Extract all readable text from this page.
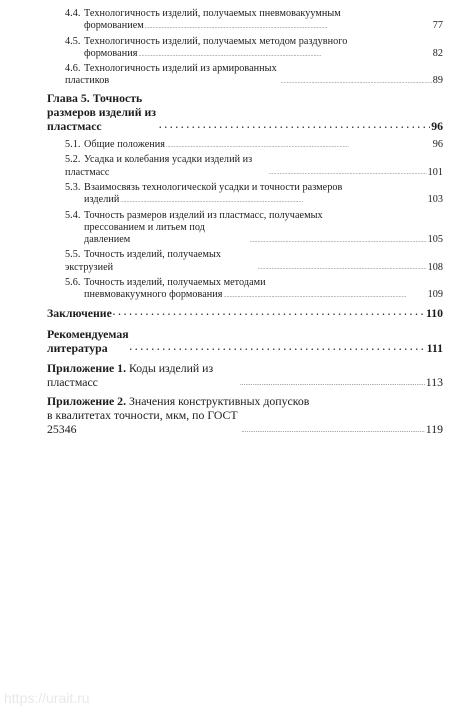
4.4. Технологичность изделий, получаемых пневмовакуумным
формованием . . .	77
4.5. Технологичность изделий, получаемых методом раздувного
формования . . .	82
4.6. Технологичность изделий из армированных пластиков . . .	89
Глава 5. Точность размеров изделий из пластмасс . . .	96
5.1. Общие положения . . .	96
5.2. Усадка и колебания усадки изделий из пластмасс . . .	101
5.3. Взаимосвязь технологической усадки и точности размеров
изделий . . .	103
5.4. Точность размеров изделий из пластмасс, получаемых
прессованием и литьем под давлением . . .	105
5.5. Точность изделий, получаемых экструзией . . .	108
5.6. Точность изделий, получаемых методами
пневмовакуумного формования . . .	109
Заключение . . .	110
Рекомендуемая литература . . .	111
Приложение 1. Коды изделий из пластмасс . . .	113
Приложение 2. Значения конструктивных допусков
в квалитетах точности, мкм, по ГОСТ 25346 . . .	119
https://urait.ru
